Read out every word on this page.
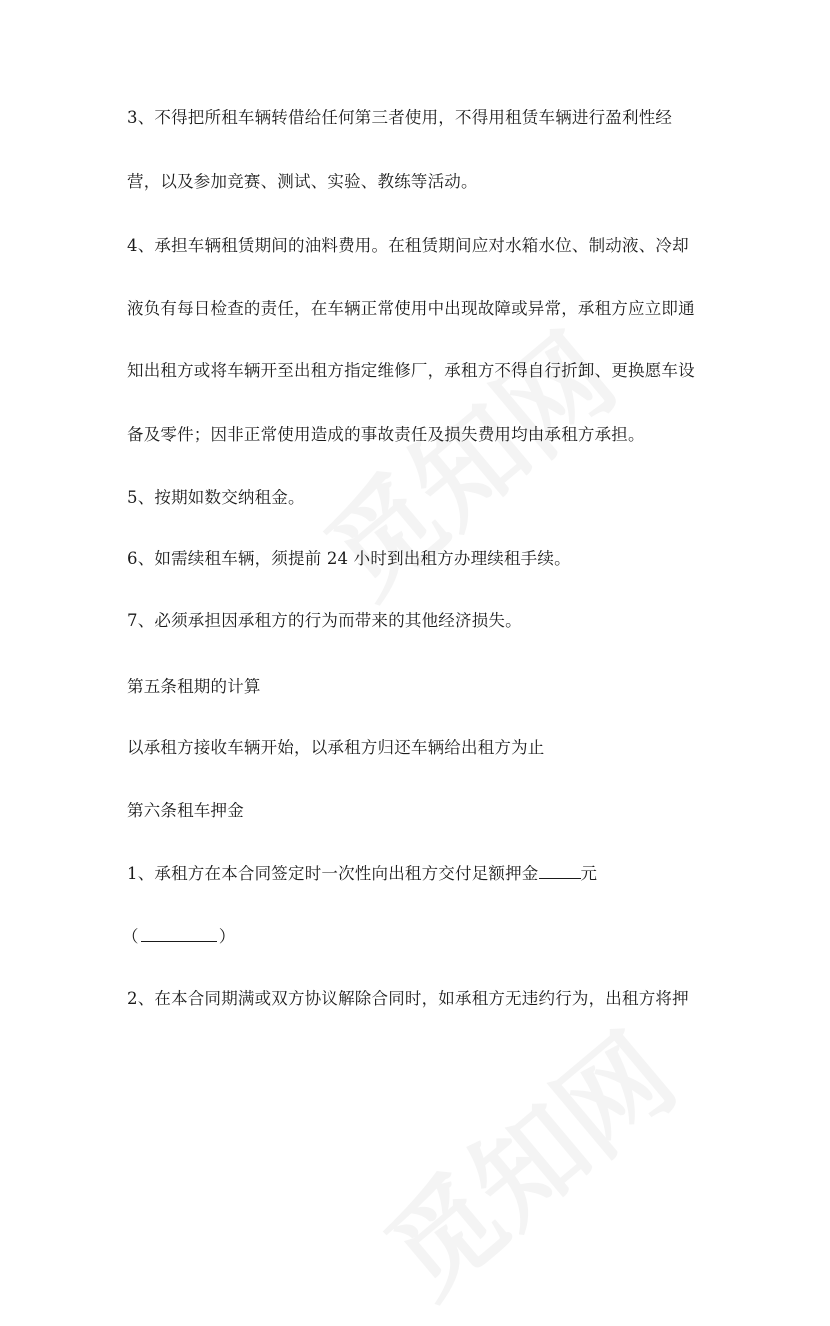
3、不得把所租车辆转借给任何第三者使用，不得用租赁车辆进行盈利性经
营，以及参加竞赛、测试、实验、教练等活动。
4、承担车辆租赁期间的油料费用。在租赁期间应对水箱水位、制动液、冷却
液负有每日检查的责任，在车辆正常使用中出现故障或异常，承租方应立即通
知出租方或将车辆开至出租方指定维修厂，承租方不得自行折卸、更换愿车设
备及零件；因非正常使用造成的事故责任及损失费用均由承租方承担。
5、按期如数交纳租金。
6、如需续租车辆，须提前 24 小时到出租方办理续租手续。
7、必须承担因承租方的行为而带来的其他经济损失。
第五条租期的计算
以承租方接收车辆开始，以承租方归还车辆给出租方为止
第六条租车押金
1、承租方在本合同签定时一次性向出租方交付足额押金	元
（	）
2、在本合同期满或双方协议解除合同时，如承租方无违约行为，出租方将押
